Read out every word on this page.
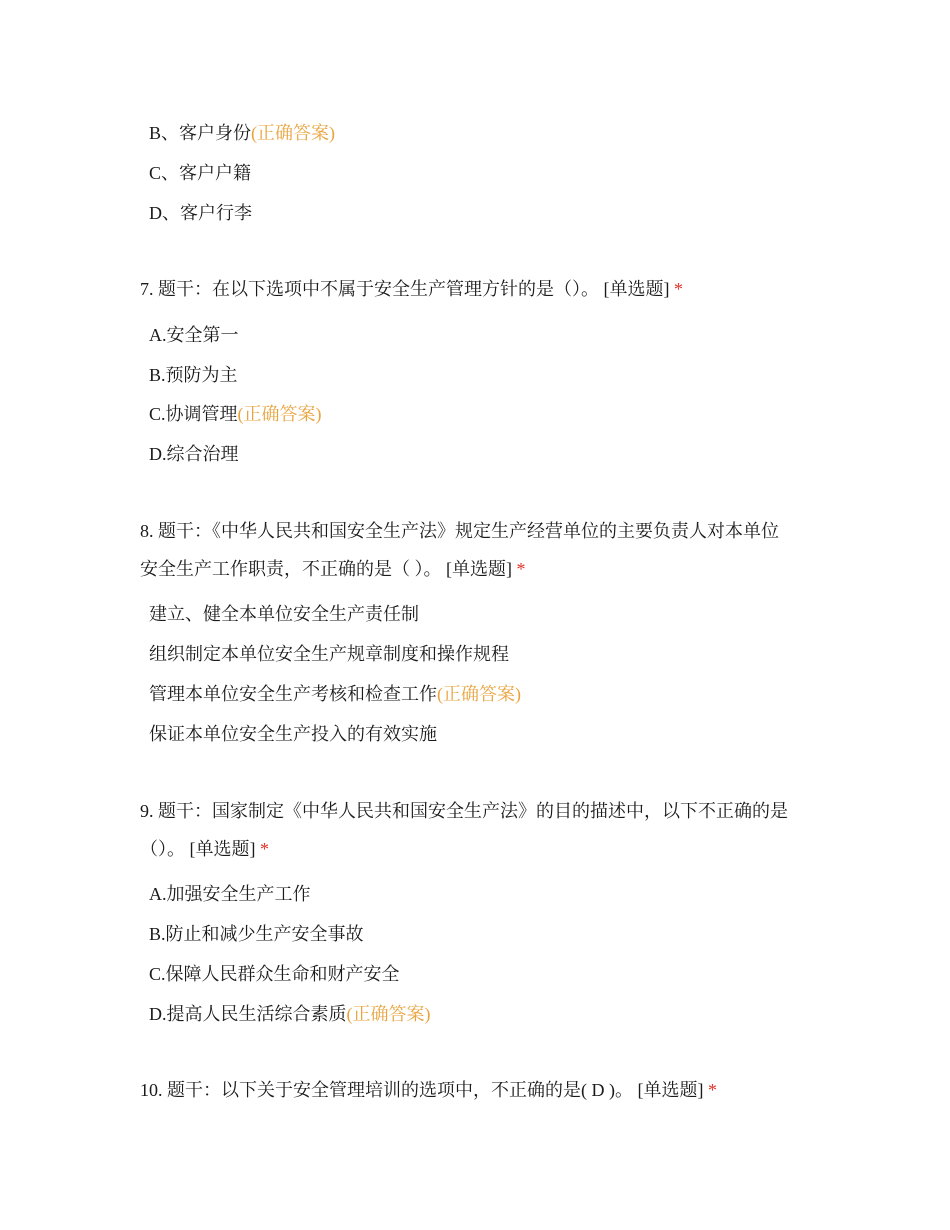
B、客户身份(正确答案)
C、客户户籍
D、客户行李
7. 题干：在以下选项中不属于安全生产管理方针的是（）。 [单选题] *
A.安全第一
B.预防为主
C.协调管理(正确答案)
D.综合治理
8. 题干：《中华人民共和国安全生产法》规定生产经营单位的主要负责人对本单位
安全生产工作职责，不正确的是（ ）。 [单选题] *
建立、健全本单位安全生产责任制
组织制定本单位安全生产规章制度和操作规程
管理本单位安全生产考核和检查工作(正确答案)
保证本单位安全生产投入的有效实施
9. 题干：国家制定《中华人民共和国安全生产法》的目的描述中，以下不正确的是
（）。 [单选题] *
A.加强安全生产工作
B.防止和减少生产安全事故
C.保障人民群众生命和财产安全
D.提高人民生活综合素质(正确答案)
10. 题干：以下关于安全管理培训的选项中，不正确的是( D )。 [单选题] *
